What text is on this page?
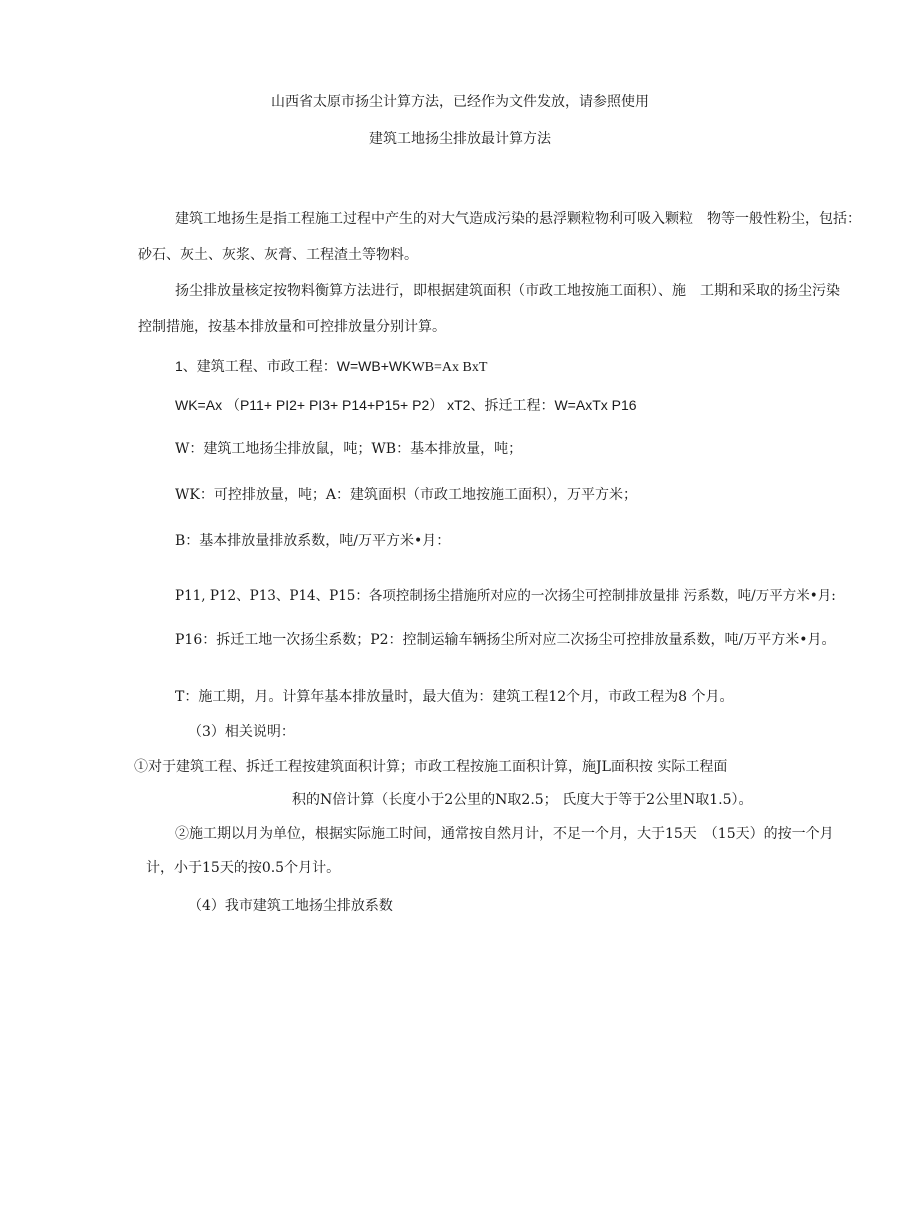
山西省太原市扬尘计算方法，已经作为文件发放，请参照使用
建筑工地扬尘排放最计算方法
建筑工地扬生是指工程施工过程中产生的对大气造成污染的悬浮颗粒物利可吸入颗粒　物等一般性粉尘，包括：
砂石、灰土、灰浆、灰膏、工程渣土等物料。
扬尘排放量核定按物料衡算方法进行，即根据建筑面积（市政工地按施工面积）、施　工期和采取的扬尘污染
控制措施，按基本排放量和可控排放量分别计算。
1、建筑工程、市政工程：W=WB+WKWB=Ax BxT
WK=Ax （P11+ PI2+ PI3+ P14+P15+ P2） xT2、拆迁工程：W=AxTx P16
W：建筑工地扬尘排放鼠，吨；WB：基本排放量，吨；
WK：可控排放量，吨；A：建筑面枳（市政工地按施工面积），万平方米；
B：基本排放量排放系数，吨/万平方米•月：
P11, P12、P13、P14、P15：各项控制扬尘措施所对应的一次扬尘可控制排放量排 污系数，吨/万平方米•月:
P16：拆迁工地一次扬尘系数；P2：控制运输车辆扬尘所对应二次扬尘可控排放量系数，吨/万平方米•月。
T：施工期，月。计算年基本排放量时，最大值为：建筑工程12个月，市政工程为8 个月。
（3）相关说明：
①对于建筑工程、拆迁工程按建筑面积计算；市政工程按施工面积计算，施JL面积按 实际工程面
积的N倍计算（长度小于2公里的N取2.5； 氏度大于等于2公里N取1.5）。
②施工期以月为单位，根据实际施工时间，通常按自然月计，不足一个月，大于15天　（15天）的按一个月
计，小于15天的按0.5个月计。
（4）我市建筑工地扬尘排放系数
